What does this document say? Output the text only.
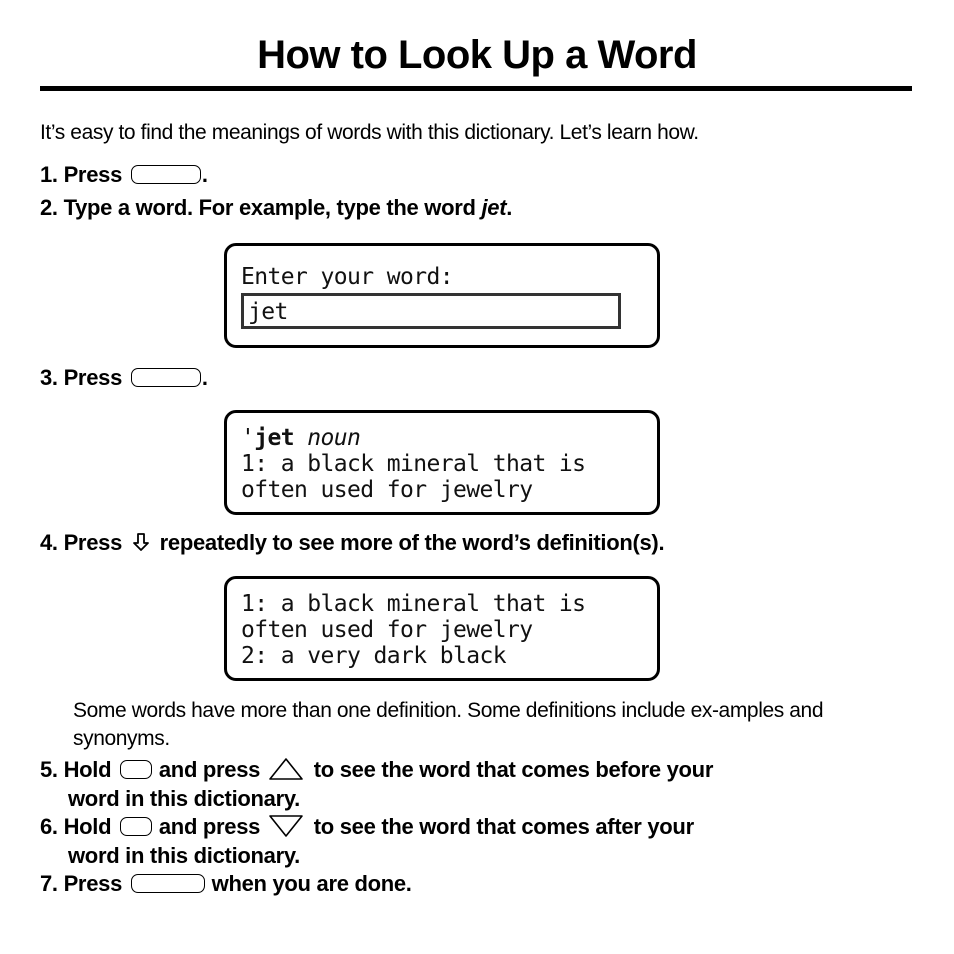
How to Look Up a Word
It’s easy to find the meanings of words with this dictionary. Let’s learn how.
1. Press	.
2. Type a word. For example, type the word jet.
Enter your word:
jet
3. Press	.
'jet noun
1: a black mineral that is
often used for jewelry
4. Press repeatedly to see more of the word’s definition(s).
1: a black mineral that is
often used for jewelry
2: a very dark black
Some words have more than one definition. Some definitions include ex-amples and synonyms.
5. Hold and press to see the word that comes before your
word in this dictionary.
6. Hold and press to see the word that comes after your
word in this dictionary.
7. Press	when you are done.
